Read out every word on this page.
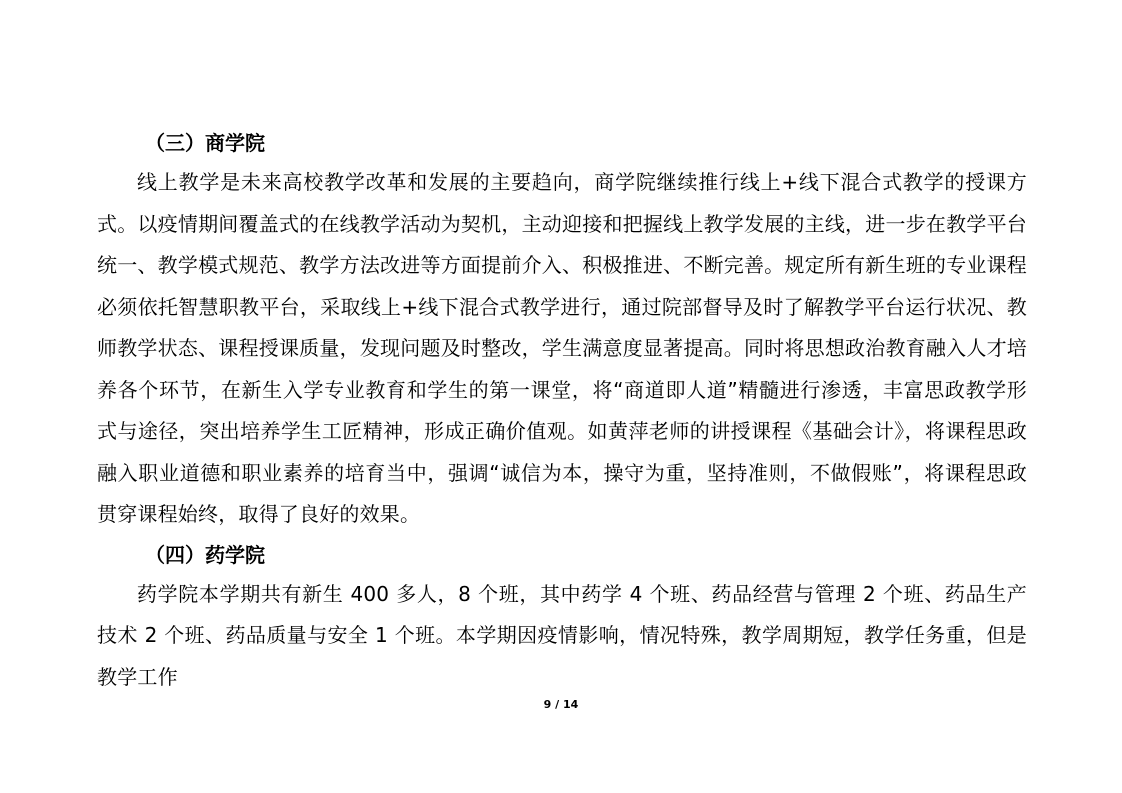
（三）商学院

线上教学是未来高校教学改革和发展的主要趋向，商学院继续推行线上+线下混合式教学的授课方式。以疫情期间覆盖式的在线教学活动为契机，主动迎接和把握线上教学发展的主线，进一步在教学平台统一、教学模式规范、教学方法改进等方面提前介入、积极推进、不断完善。规定所有新生班的专业课程必须依托智慧职教平台，采取线上+线下混合式教学进行，通过院部督导及时了解教学平台运行状况、教师教学状态、课程授课质量，发现问题及时整改，学生满意度显著提高。同时将思想政治教育融入人才培养各个环节，在新生入学专业教育和学生的第一课堂，将“商道即人道”精髓进行渗透，丰富思政教学形式与途径，突出培养学生工匠精神，形成正确价值观。如黄萍老师的讲授课程《基础会计》，将课程思政融入职业道德和职业素养的培育当中，强调“诚信为本，操守为重，坚持准则，不做假账”，将课程思政贯穿课程始终，取得了良好的效果。

（四）药学院

药学院本学期共有新生 400 多人，8 个班，其中药学 4 个班、药品经营与管理 2 个班、药品生产技术 2 个班、药品质量与安全 1 个班。本学期因疫情影响，情况特殊，教学周期短，教学任务重，但是教学工作

9 / 14
